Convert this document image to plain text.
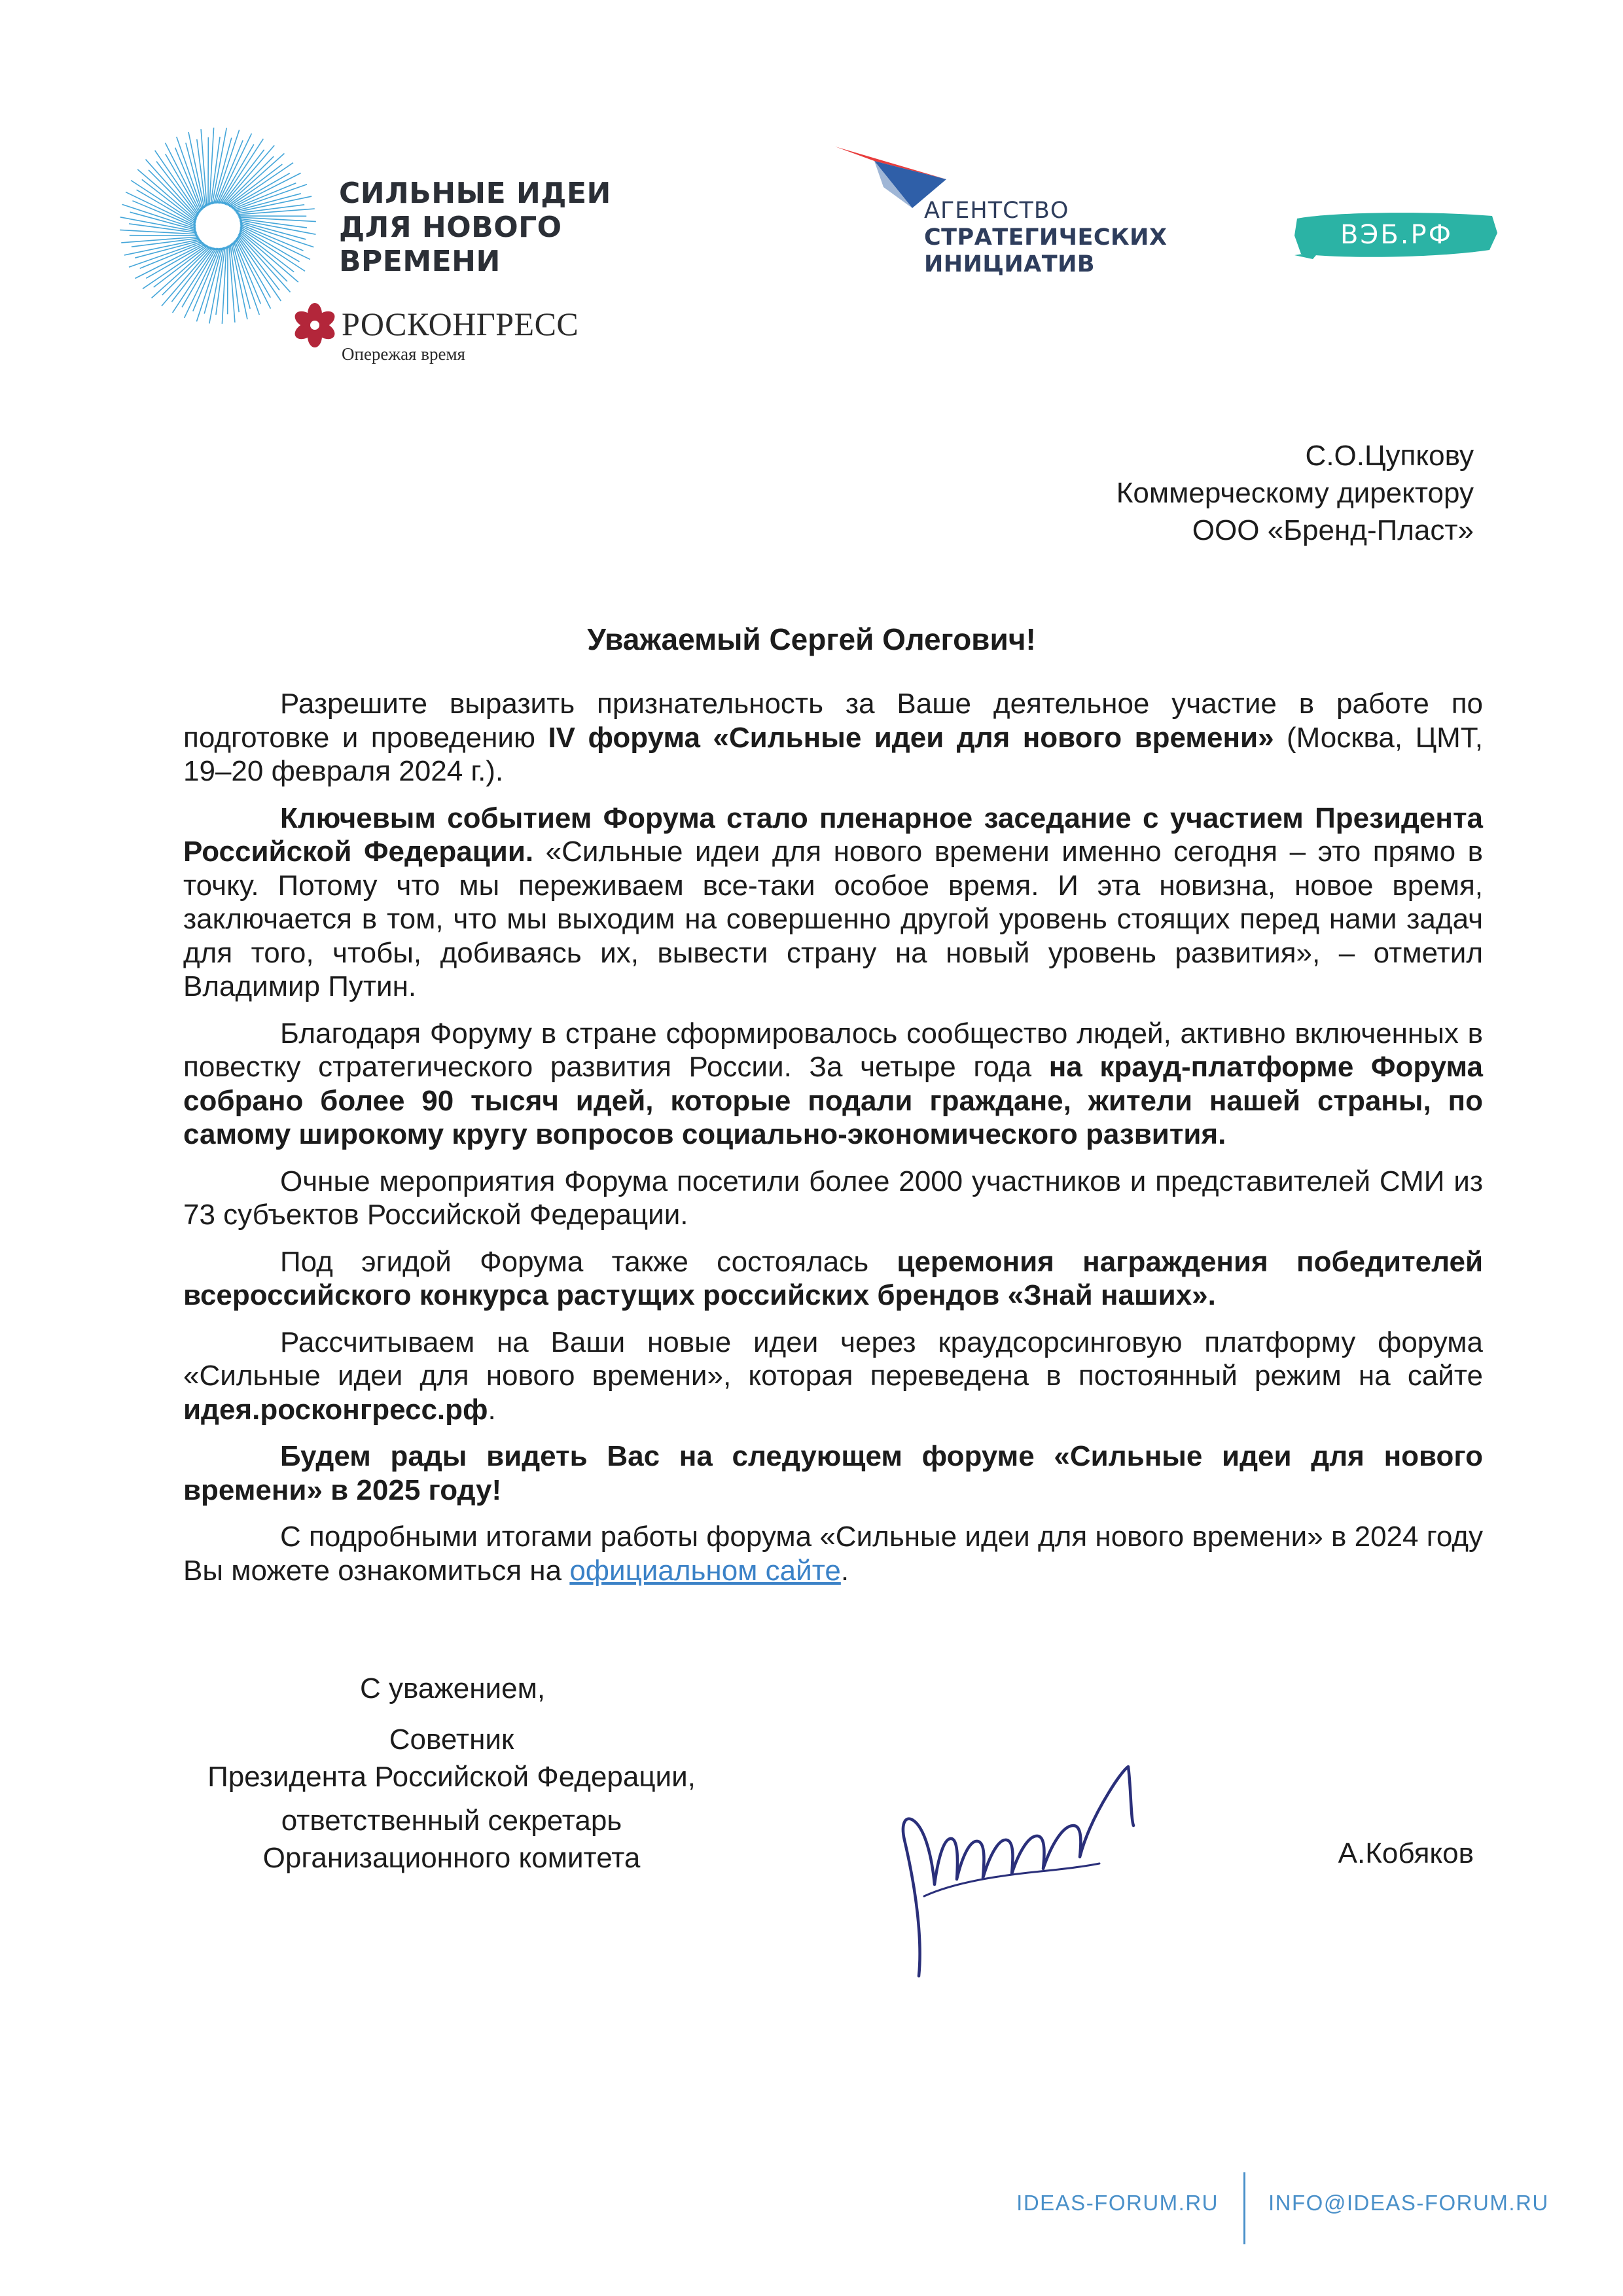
СИЛЬНЫЕ ИДЕИ
ДЛЯ НОВОГО
ВРЕМЕНИ
РОСКОНГРЕСС
Опережая время
АГЕНТСТВО
СТРАТЕГИЧЕСКИХ
ИНИЦИАТИВ
ВЭБ.РФ
С.О.Цупкову
Коммерческому директору
ООО «Бренд-Пласт»
Уважаемый Сергей Олегович!

Разрешите выразить признательность за Ваше деятельное участие в работе по подготовке и проведению IV форума «Сильные идеи для нового времени» (Москва, ЦМТ, 19–20 февраля 2024 г.).

Ключевым событием Форума стало пленарное заседание с участием Президента Российской Федерации. «Сильные идеи для нового времени именно сегодня – это прямо в точку. Потому что мы переживаем все-таки особое время. И эта новизна, новое время, заключается в том, что мы выходим на совершенно другой уровень стоящих перед нами задач для того, чтобы, добиваясь их, вывести страну на новый уровень развития», – отметил Владимир Путин.

Благодаря Форуму в стране сформировалось сообщество людей, активно включенных в повестку стратегического развития России. За четыре года на крауд-платформе Форума собрано более 90 тысяч идей, которые подали граждане, жители нашей страны, по самому широкому кругу вопросов социально-экономического развития.

Очные мероприятия Форума посетили более 2000 участников и представителей СМИ из 73 субъектов Российской Федерации.

Под эгидой Форума также состоялась церемония награждения победителей всероссийского конкурса растущих российских брендов «Знай наших».

Рассчитываем на Ваши новые идеи через краудсорсинговую платформу форума «Сильные идеи для нового времени», которая переведена в постоянный режим на сайте идея.росконгресс.рф.

Будем рады видеть Вас на следующем форуме «Сильные идеи для нового времени» в 2025 году!

С подробными итогами работы форума «Сильные идеи для нового времени» в 2024 году Вы можете ознакомиться на официальном сайте.

С уважением,
Советник
Президента Российской Федерации,
ответственный секретарь
Организационного комитета	А.Кобяков
IDEAS-FORUM.RU INFO@IDEAS-FORUM.RU
